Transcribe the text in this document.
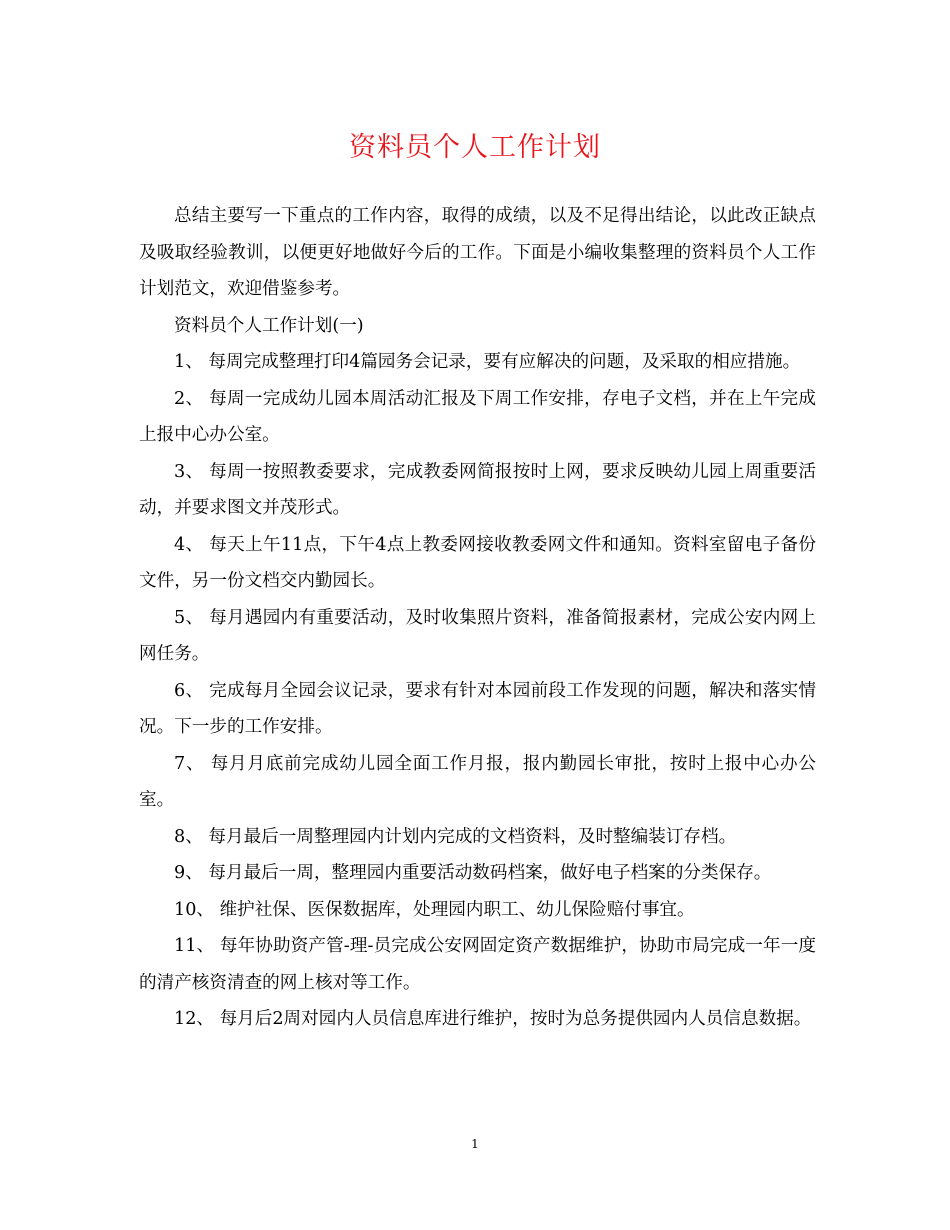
资料员个人工作计划

总结主要写一下重点的工作内容，取得的成绩，以及不足得出结论，以此改正缺点及吸取经验教训，以便更好地做好今后的工作。下面是小编收集整理的资料员个人工作计划范文，欢迎借鉴参考。

资料员个人工作计划(一)

1、 每周完成整理打印4篇园务会记录，要有应解决的问题，及采取的相应措施。

2、 每周一完成幼儿园本周活动汇报及下周工作安排，存电子文档，并在上午完成上报中心办公室。

3、 每周一按照教委要求，完成教委网简报按时上网，要求反映幼儿园上周重要活动，并要求图文并茂形式。

4、 每天上午11点，下午4点上教委网接收教委网文件和通知。资料室留电子备份文件，另一份文档交内勤园长。

5、 每月遇园内有重要活动，及时收集照片资料，准备简报素材，完成公安内网上网任务。

6、 完成每月全园会议记录，要求有针对本园前段工作发现的问题，解决和落实情况。下一步的工作安排。

7、 每月月底前完成幼儿园全面工作月报，报内勤园长审批，按时上报中心办公室。

8、 每月最后一周整理园内计划内完成的文档资料，及时整编装订存档。

9、 每月最后一周，整理园内重要活动数码档案，做好电子档案的分类保存。

10、 维护社保、医保数据库，处理园内职工、幼儿保险赔付事宜。

11、 每年协助资产管-理-员完成公安网固定资产数据维护，协助市局完成一年一度的清产核资清查的网上核对等工作。

12、 每月后2周对园内人员信息库进行维护，按时为总务提供园内人员信息数据。

1
